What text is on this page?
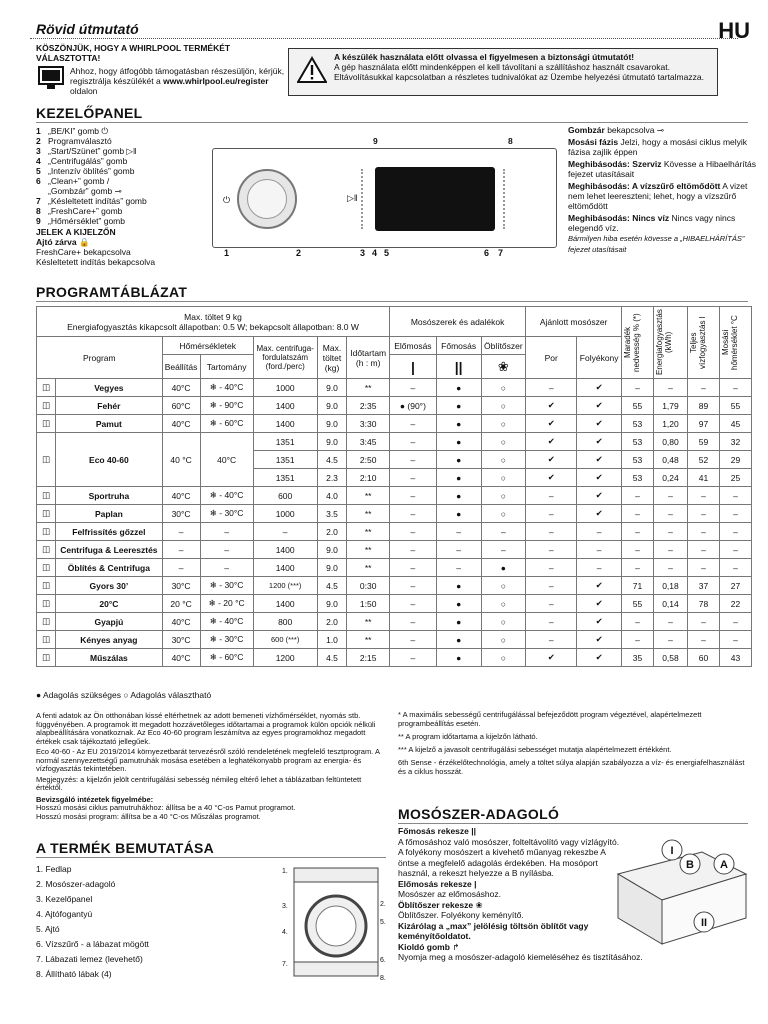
Rövid útmutató	HU
KÖSZÖNJÜK, HOGY A WHIRLPOOL TERMÉKÉT VÁLASZTOTTA!
Ahhoz, hogy átfogóbb támogatásban részesüljön, kérjük, regisztrálja készülékét a www.whirlpool.eu/register oldalon
A készülék használata előtt olvassa el figyelmesen a biztonsági útmutatót!
A gép használata előtt mindenképpen el kell távolítani a szállításhoz használt csavarokat. Eltávolításukkal kapcsolatban a részletes tudnivalókat az Üzembe helyezési útmutató tartalmazza.
KEZELŐPANEL
1 „BE/KI” gomb ⏻
2 Programválasztó
3 „Start/Szünet” gomb ▷‖
4 „Centrifugálás” gomb
5 „Intenzív öblítés” gomb
6 „Clean+” gomb /
„Gombzár” gomb ⊸
7 „Késleltetett indítás” gomb
8 „FreshCare+” gomb
9 „Hőmérséklet” gomb
JELEK A KIJELZŐN
Ajtó zárva 🔒
FreshCare+ bekapcsolva
Késleltetett indítás bekapcsolva
9	8
⏻	▷‖
1	2	3 4 5	6 7
Gombzár bekapcsolva ⊸
Mosási fázis Jelzi, hogy a mosási ciklus melyik fázisa zajlik éppen
Meghibásodás: Szerviz Kövesse a Hibaelhárítás fejezet utasításait
Meghibásodás: A vízszűrő eltömődött A vizet nem lehet leereszteni; lehet, hogy a vízszűrő eltömődött
Meghibásodás: Nincs víz Nincs vagy nincs elegendő víz.
Bármilyen hiba esetén kövesse a „HIBAELHÁRÍTÁS” fejezet utasításait
PROGRAMTÁBLÁZAT
Max. töltet 9 kg
Energiafogyasztás kikapcsolt állapotban: 0.5 W; bekapcsolt állapotban: 8.0 W							Mosószerek és adalékok			Ajánlott mosószer		Maradék nedvesség % (*)	Energiafogyasztás (kWh)	Teljes vízfogyasztás l	Mosási hőmérséklet °C

Program		Hőmérsékletek		Max. centrifuga-fordulatszám (ford./perc)	Max. töltet (kg)	Időtartam (h : m)	Előmosás	Főmosás	Öblítőszer	Por	Folyékony				
		Beállítás	Tartomány				|	||	❀						
◫	Vegyes	40°C	❄ - 40°C	1000	9.0	**	–	●	○	–	✔	–	–	–	–
◫	Fehér	60°C	❄ - 90°C	1400	9.0	2:35	● (90°)	●	○	✔	✔	55	1,79	89	55
◫	Pamut	40°C	❄ - 60°C	1400	9.0	3:30	–	●	○	✔	✔	53	1,20	97	45
◫	Eco 40-60	40 °C	40°C	1351	9.0	3:45	–	●	○	✔	✔	53	0,80	59	32
				1351	4.5	2:50	–	●	○	✔	✔	53	0,48	52	29
				1351	2.3	2:10	–	●	○	✔	✔	53	0,24	41	25
◫	Sportruha	40°C	❄ - 40°C	600	4.0	**	–	●	○	–	✔	–	–	–	–
◫	Paplan	30°C	❄ - 30°C	1000	3.5	**	–	●	○	–	✔	–	–	–	–
◫	Felfrissítés gőzzel	–	–	–	2.0	**	–	–	–	–	–	–	–	–	–
◫	Centrifuga & Leeresztés	–	–	1400	9.0	**	–	–	–	–	–	–	–	–	–
◫	Öblítés & Centrifuga	–	–	1400	9.0	**	–	–	●	–	–	–	–	–	–
◫	Gyors 30’	30°C	❄ - 30°C	1200 (***)	4.5	0:30	–	●	○	–	✔	71	0,18	37	27
◫	20°C	20 °C	❄ - 20 °C	1400	9.0	1:50	–	●	○	–	✔	55	0,14	78	22
◫	Gyapjú	40°C	❄ - 40°C	800	2.0	**	–	●	○	–	✔	–	–	–	–
◫	Kényes anyag	30°C	❄ - 30°C	600 (***)	1.0	**	–	●	○	–	✔	–	–	–	–
◫	Műszálas	40°C	❄ - 60°C	1200	4.5	2:15	–	●	○	✔	✔	35	0,58	60	43
● Adagolás szükséges ○ Adagolás választható
A fenti adatok az Ön otthonában kissé eltérhetnek az adott bemeneti vízhőmérséklet, nyomás stb. függvényében. A programok itt megadott hozzávetőleges időtartamai a programok külön opciók nélküli alapbeállítására vonatkoznak. Az Eco 40-60 program leszámítva az egyes programokhoz megadott értékek csak tájékoztató jellegűek.
Eco 40-60 - Az EU 2019/2014 környezetbarát tervezésről szóló rendeletének megfelelő tesztprogram. A normál szennyezettségű pamutruhák mosása esetében a leghatékonyabb program az energia- és vízfogyasztás tekintetében.
Megjegyzés: a kijelzőn jelölt centrifugálási sebesség némileg eltérő lehet a táblázatban feltüntetett értéktől.
Bevizsgáló intézetek figyelmébe:
Hosszú mosási ciklus pamutruhákhoz: állítsa be a 40 °C-os Pamut programot.
Hosszú mosási program: állítsa be a 40 °C-os Műszálas programot.
* A maximális sebességű centrifugálással befejeződött program végeztével, alapértelmezett programbeállítás esetén.
** A program időtartama a kijelzőn látható.
*** A kijelző a javasolt centrifugálási sebességet mutatja alapértelmezett értékként.
6th Sense - érzékelőtechnológia, amely a töltet súlya alapján szabályozza a víz- és energiafelhasználást és a ciklus hosszát.
A TERMÉK BEMUTATÁSA
1. Fedlap
2. Mosószer-adagoló
3. Kezelőpanel
4. Ajtófogantyú
5. Ajtó
6. Vízszűrő - a lábazat mögött
7. Lábazati lemez (levehető)
8. Állítható lábak (4)
1.
3.
4.
7.
2.
5.
6.
8.
MOSÓSZER-ADAGOLÓ
Főmosás rekesze ||
A főmosáshoz való mosószer, folteltávolító vagy vízlágyító. A folyékony mosószert a kivehető műanyag rekeszbe A öntse a megfelelő adagolás érdekében. Ha mosóport használ, a rekeszt helyezze a B nyílásba.
Előmosás rekesze |
Mosószer az előmosáshoz.
Öblítőszer rekesze ❀
Öblítőszer. Folyékony keményítő.
Kizárólag a „max” jelölésig töltsön öblítőt vagy keményítőoldatot.
Kioldó gomb ↱
Nyomja meg a mosószer-adagoló kiemeléséhez és tisztításához.
I
II
B A
